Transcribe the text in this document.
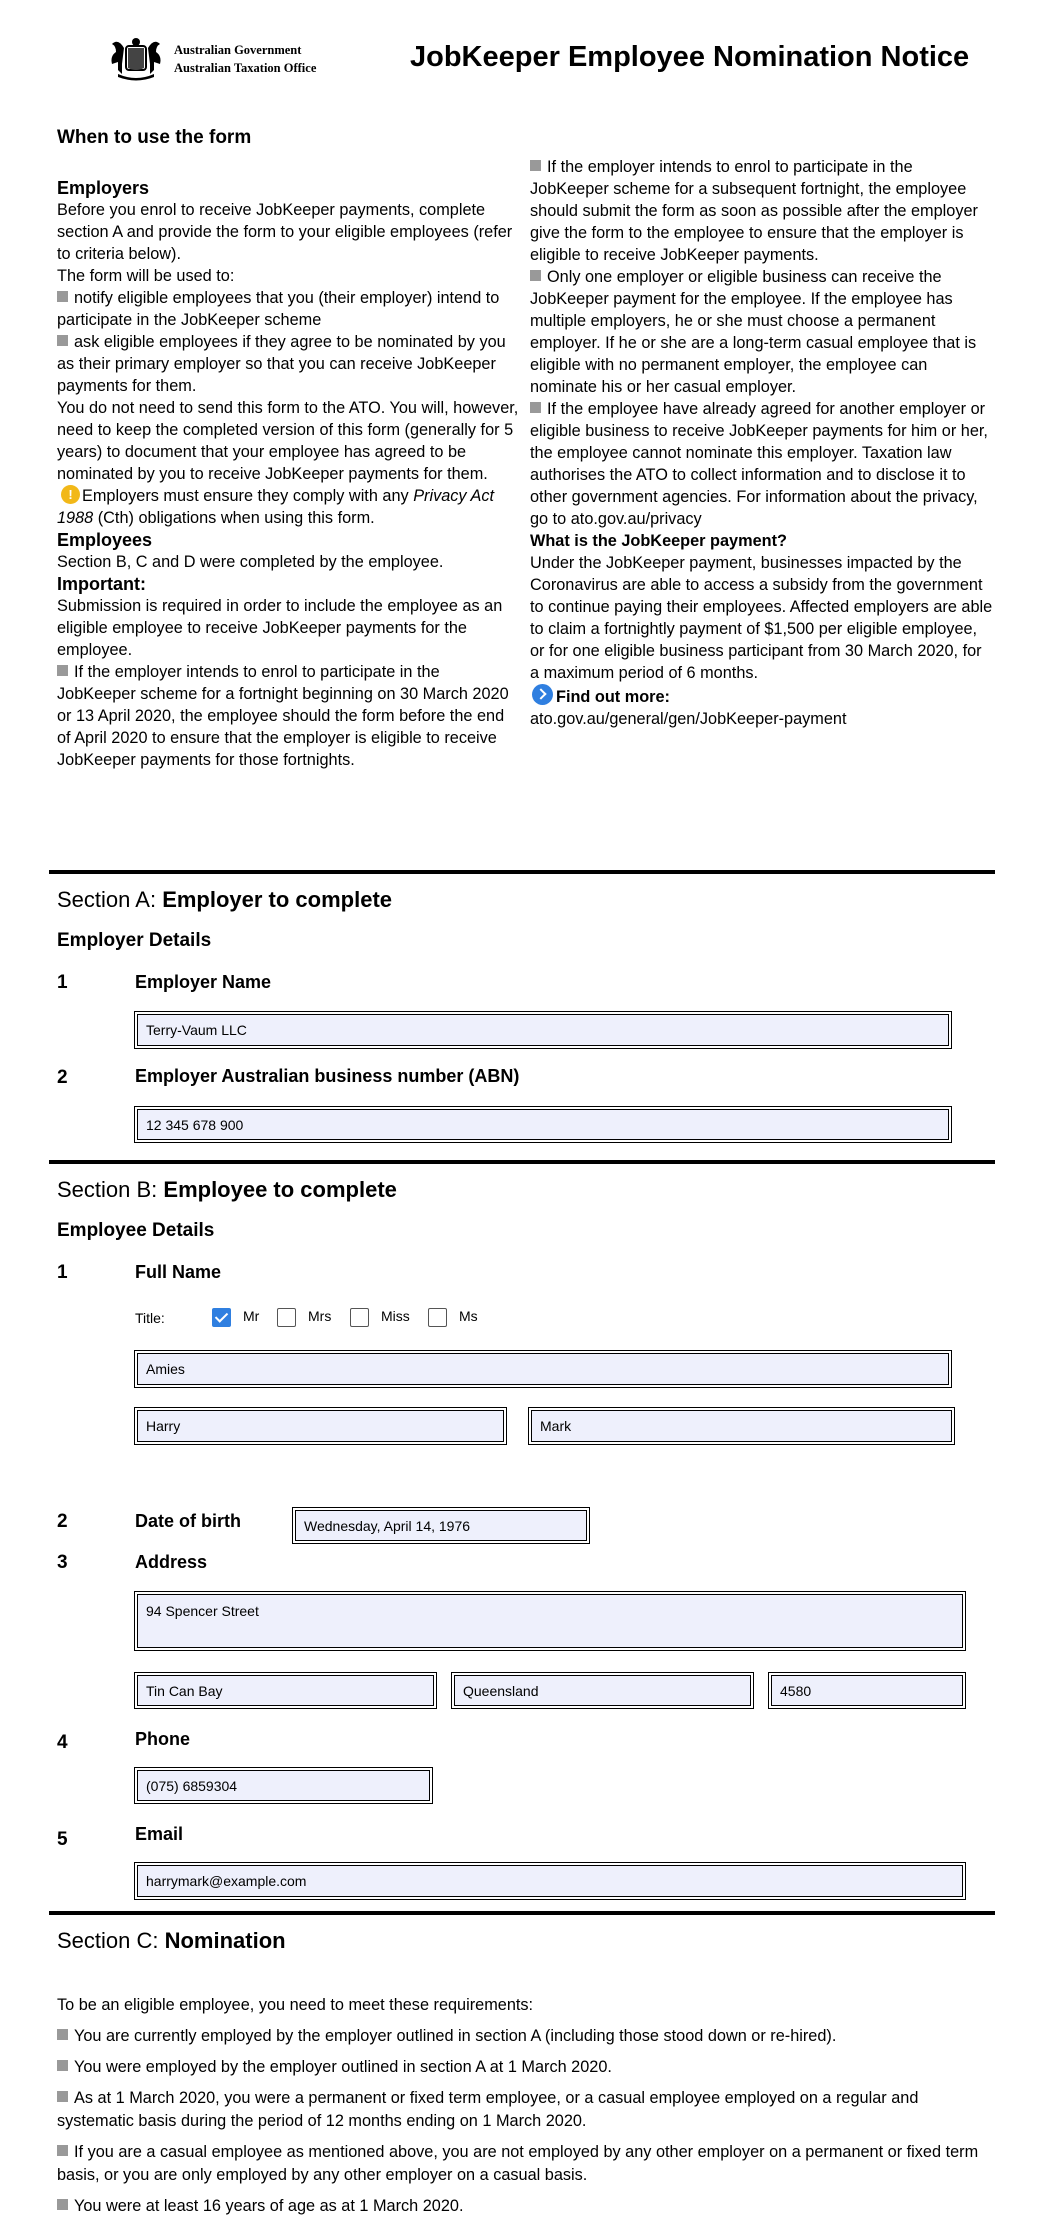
Australian Government
Australian Taxation Office	JobKeeper Employee Nomination Notice
When to use the form
Employers

Before you enrol to receive JobKeeper payments, complete section A and provide the form to your eligible employees (refer to criteria below).

The form will be used to:

notify eligible employees that you (their employer) intend to participate in the JobKeeper scheme

ask eligible employees if they agree to be nominated by you as their primary employer so that you can receive JobKeeper payments for them.

You do not need to send this form to the ATO. You will, however, need to keep the completed version of this form (generally for 5 years) to document that your employee has agreed to be nominated by you to receive JobKeeper payments for them.

! Employers must ensure they comply with any Privacy Act 1988 (Cth) obligations when using this form.

Employees

Section B, C and D were completed by the employee.

Important:

Submission is required in order to include the employee as an eligible employee to receive JobKeeper payments for the employee.

If the employer intends to enrol to participate in the JobKeeper scheme for a fortnight beginning on 30 March 2020 or 13 April 2020, the employee should the form before the end of April 2020 to ensure that the employer is eligible to receive JobKeeper payments for those fortnights.

If the employer intends to enrol to participate in the JobKeeper scheme for a subsequent fortnight, the employee should submit the form as soon as possible after the employer give the form to the employee to ensure that the employer is eligible to receive JobKeeper payments.

Only one employer or eligible business can receive the JobKeeper payment for the employee. If the employee has multiple employers, he or she must choose a permanent employer. If he or she are a long-term casual employee that is eligible with no permanent employer, the employee can nominate his or her casual employer.

If the employee have already agreed for another employer or eligible business to receive JobKeeper payments for him or her, the employee cannot nominate this employer. Taxation law authorises the ATO to collect information and to disclose it to other government agencies. For information about the privacy, go to ato.gov.au/privacy

What is the JobKeeper payment?

Under the JobKeeper payment, businesses impacted by the Coronavirus are able to access a subsidy from the government to continue paying their employees. Affected employers are able to claim a fortnightly payment of $1,500 per eligible employee, or for one eligible business participant from 30 March 2020, for a maximum period of 6 months.

Find out more:

ato.gov.au/general/gen/JobKeeper-payment

Section A: Employer to complete
Employer Details
1	Employer Name
Terry-Vaum LLC
2	Employer Australian business number (ABN)
12 345 678 900
Section B: Employee to complete
Employee Details
1	Full Name
Title:	Mr	Mrs	Miss	Ms
Amies
Harry	Mark
2	Date of birth	Wednesday, April 14, 1976
3	Address
94 Spencer Street
Tin Can Bay	Queensland	4580
4	Phone
(075) 6859304
5	Email
harrymark@example.com
Section C: Nomination

To be an eligible employee, you need to meet these requirements:

You are currently employed by the employer outlined in section A (including those stood down or re-hired).

You were employed by the employer outlined in section A at 1 March 2020.

As at 1 March 2020, you were a permanent or fixed term employee, or a casual employee employed on a regular and systematic basis during the period of 12 months ending on 1 March 2020.

If you are a casual employee as mentioned above, you are not employed by any other employer on a permanent or fixed term basis, or you are only employed by any other employer on a casual basis.

You were at least 16 years of age as at 1 March 2020.
